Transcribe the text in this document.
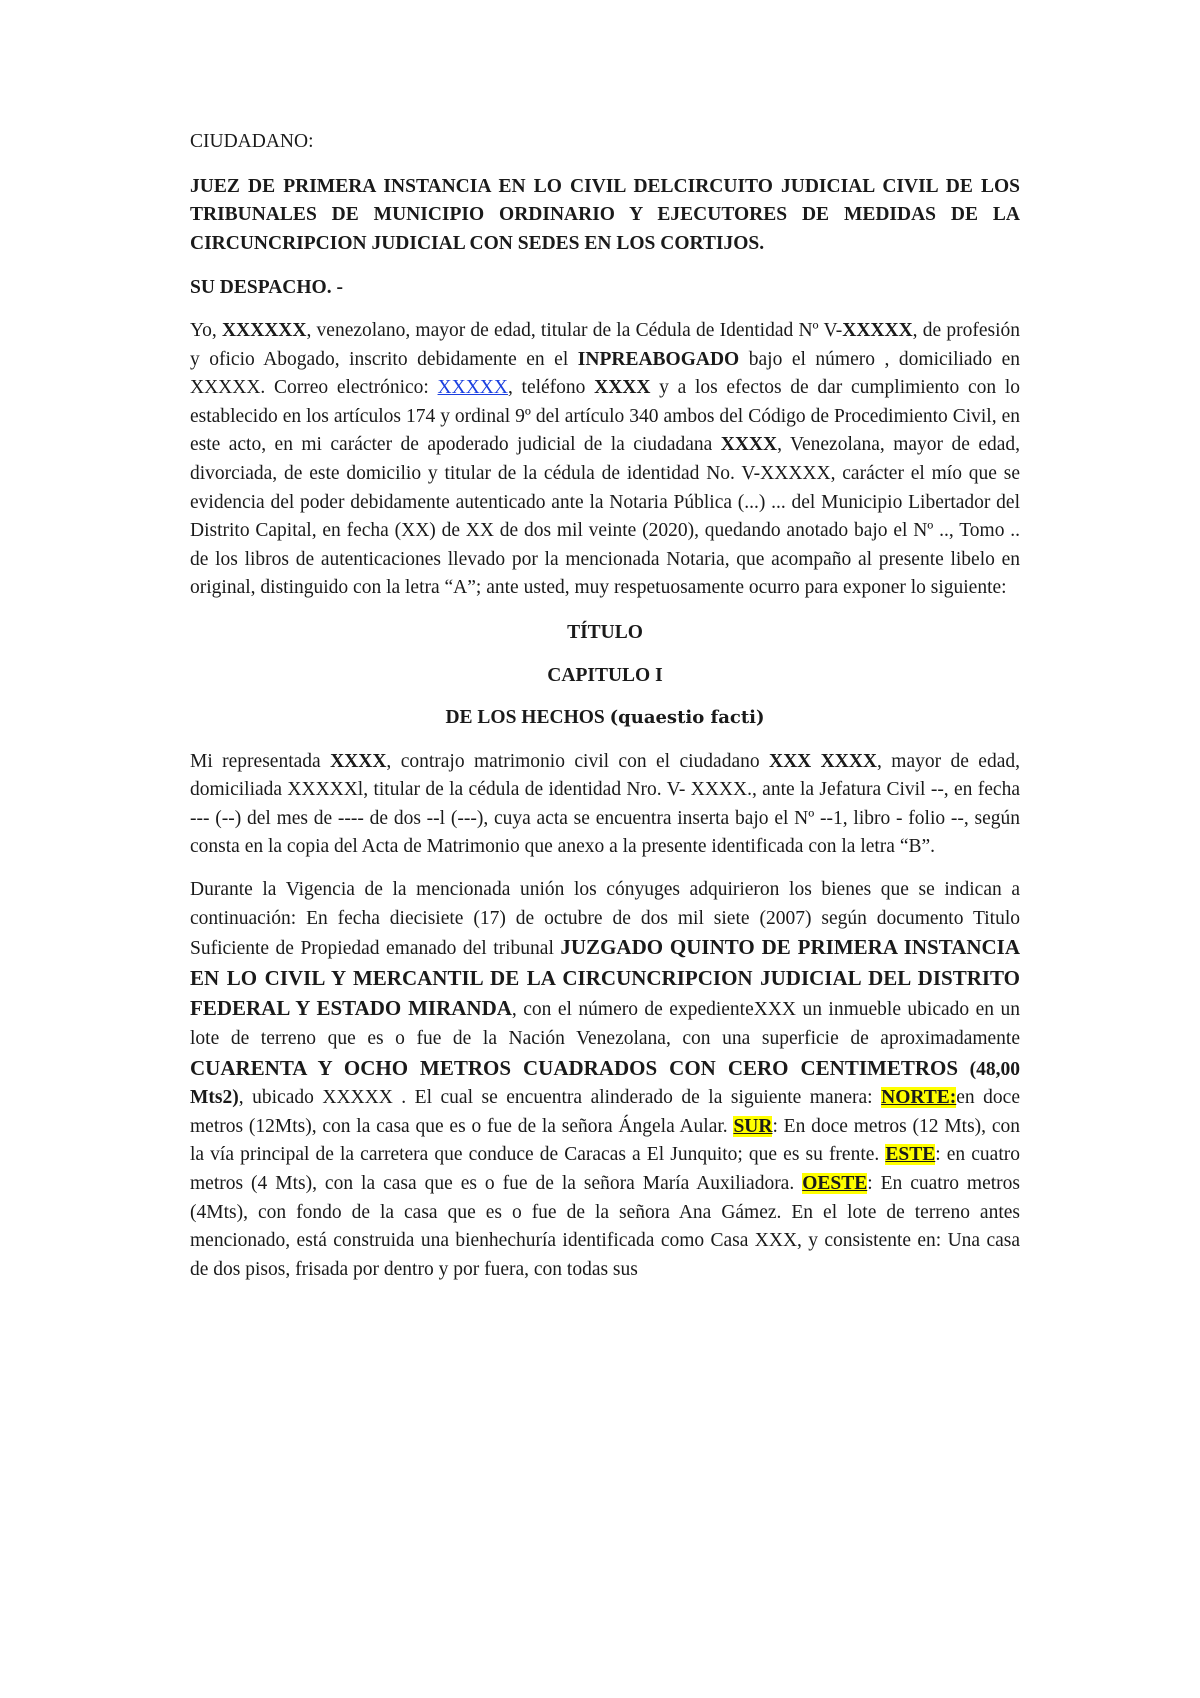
CIUDADANO:

JUEZ DE PRIMERA INSTANCIA EN LO CIVIL DELCIRCUITO JUDICIAL CIVIL DE LOS TRIBUNALES DE MUNICIPIO ORDINARIO Y EJECUTORES DE MEDIDAS DE LA CIRCUNCRIPCION JUDICIAL CON SEDES EN LOS CORTIJOS.

SU DESPACHO. -

Yo, XXXXXX, venezolano, mayor de edad, titular de la Cédula de Identidad Nº V-XXXXX, de profesión y oficio Abogado, inscrito debidamente en el INPREABOGADO bajo el número , domiciliado en XXXXX. Correo electrónico: XXXXX, teléfono XXXX y a los efectos de dar cumplimiento con lo establecido en los artículos 174 y ordinal 9º del artículo 340 ambos del Código de Procedimiento Civil, en este acto, en mi carácter de apoderado judicial de la ciudadana XXXX, Venezolana, mayor de edad, divorciada, de este domicilio y titular de la cédula de identidad No. V-XXXXX, carácter el mío que se evidencia del poder debidamente autenticado ante la Notaria Pública (...) ... del Municipio Libertador del Distrito Capital, en fecha (XX) de XX de dos mil veinte (2020), quedando anotado bajo el Nº .., Tomo .. de los libros de autenticaciones llevado por la mencionada Notaria, que acompaño al presente libelo en original, distinguido con la letra “A”; ante usted, muy respetuosamente ocurro para exponer lo siguiente:

TÍTULO

CAPITULO I

DE LOS HECHOS (quaestio facti)

Mi representada XXXX, contrajo matrimonio civil con el ciudadano XXX XXXX, mayor de edad, domiciliada XXXXXl, titular de la cédula de identidad Nro. V- XXXX., ante la Jefatura Civil --, en fecha --- (--) del mes de ---- de dos --l (---), cuya acta se encuentra inserta bajo el Nº --1, libro - folio --, según consta en la copia del Acta de Matrimonio que anexo a la presente identificada con la letra “B”.

Durante la Vigencia de la mencionada unión los cónyuges adquirieron los bienes que se indican a continuación: En fecha diecisiete (17) de octubre de dos mil siete (2007) según documento Titulo Suficiente de Propiedad emanado del tribunal JUZGADO QUINTO DE PRIMERA INSTANCIA EN LO CIVIL Y MERCANTIL DE LA CIRCUNCRIPCION JUDICIAL DEL DISTRITO FEDERAL Y ESTADO MIRANDA, con el número de expedienteXXX un inmueble ubicado en un lote de terreno que es o fue de la Nación Venezolana, con una superficie de aproximadamente CUARENTA Y OCHO METROS CUADRADOS CON CERO CENTIMETROS (48,00 Mts2), ubicado XXXXX . El cual se encuentra alinderado de la siguiente manera: NORTE:en doce metros (12Mts), con la casa que es o fue de la señora Ángela Aular. SUR: En doce metros (12 Mts), con la vía principal de la carretera que conduce de Caracas a El Junquito; que es su frente. ESTE: en cuatro metros (4 Mts), con la casa que es o fue de la señora María Auxiliadora. OESTE: En cuatro metros (4Mts), con fondo de la casa que es o fue de la señora Ana Gámez. En el lote de terreno antes mencionado, está construida una bienhechuría identificada como Casa XXX, y consistente en: Una casa de dos pisos, frisada por dentro y por fuera, con todas sus
